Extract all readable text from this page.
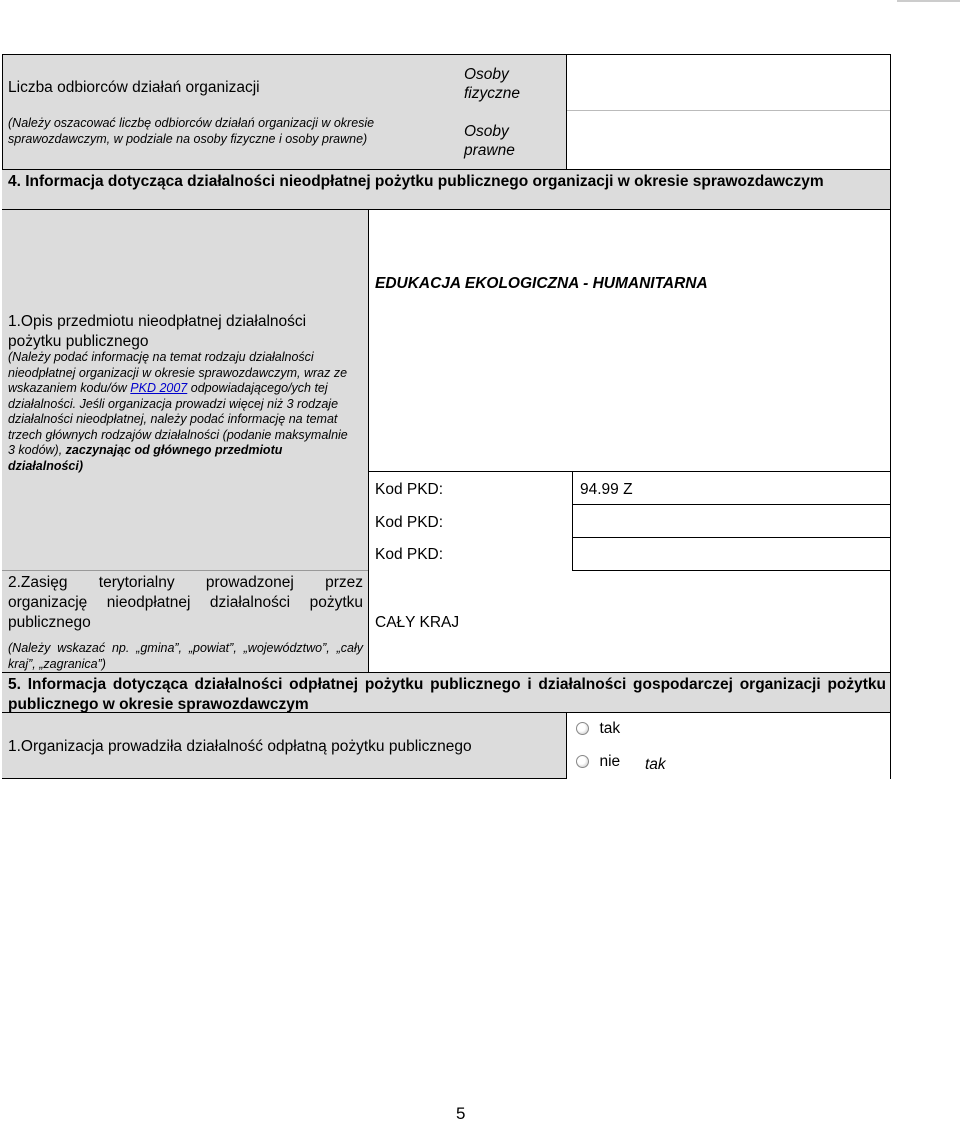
Liczba odbiorców działań organizacji
(Należy oszacować liczbę odbiorców działań organizacji w okresie sprawozdawczym, w podziale na osoby fizyczne i osoby prawne)
Osoby fizyczne
Osoby prawne
4. Informacja dotycząca działalności nieodpłatnej pożytku publicznego organizacji w okresie sprawozdawczym
1.Opis przedmiotu nieodpłatnej działalności pożytku publicznego
(Należy podać informację na temat rodzaju działalności nieodpłatnej organizacji w okresie sprawozdawczym, wraz ze wskazaniem kodu/ów PKD 2007 odpowiadającego/ych tej działalności. Jeśli organizacja prowadzi więcej niż 3 rodzaje działalności nieodpłatnej, należy podać informację na temat trzech głównych rodzajów działalności (podanie maksymalnie 3 kodów), zaczynając od głównego przedmiotu działalności)
EDUKACJA EKOLOGICZNA - HUMANITARNA
Kod PKD:	94.99 Z
Kod PKD:
Kod PKD:
2.Zasięg terytorialny prowadzonej przez organizację nieodpłatnej działalności pożytku publicznego
(Należy wskazać np. „gmina”, „powiat”, „województwo”, „cały kraj”, „zagranica”)
CAŁY KRAJ
5. Informacja dotycząca działalności odpłatnej pożytku publicznego i działalności gospodarczej organizacji pożytku publicznego w okresie sprawozdawczym
1.Organizacja prowadziła działalność odpłatną pożytku publicznego
tak
nie tak
5
